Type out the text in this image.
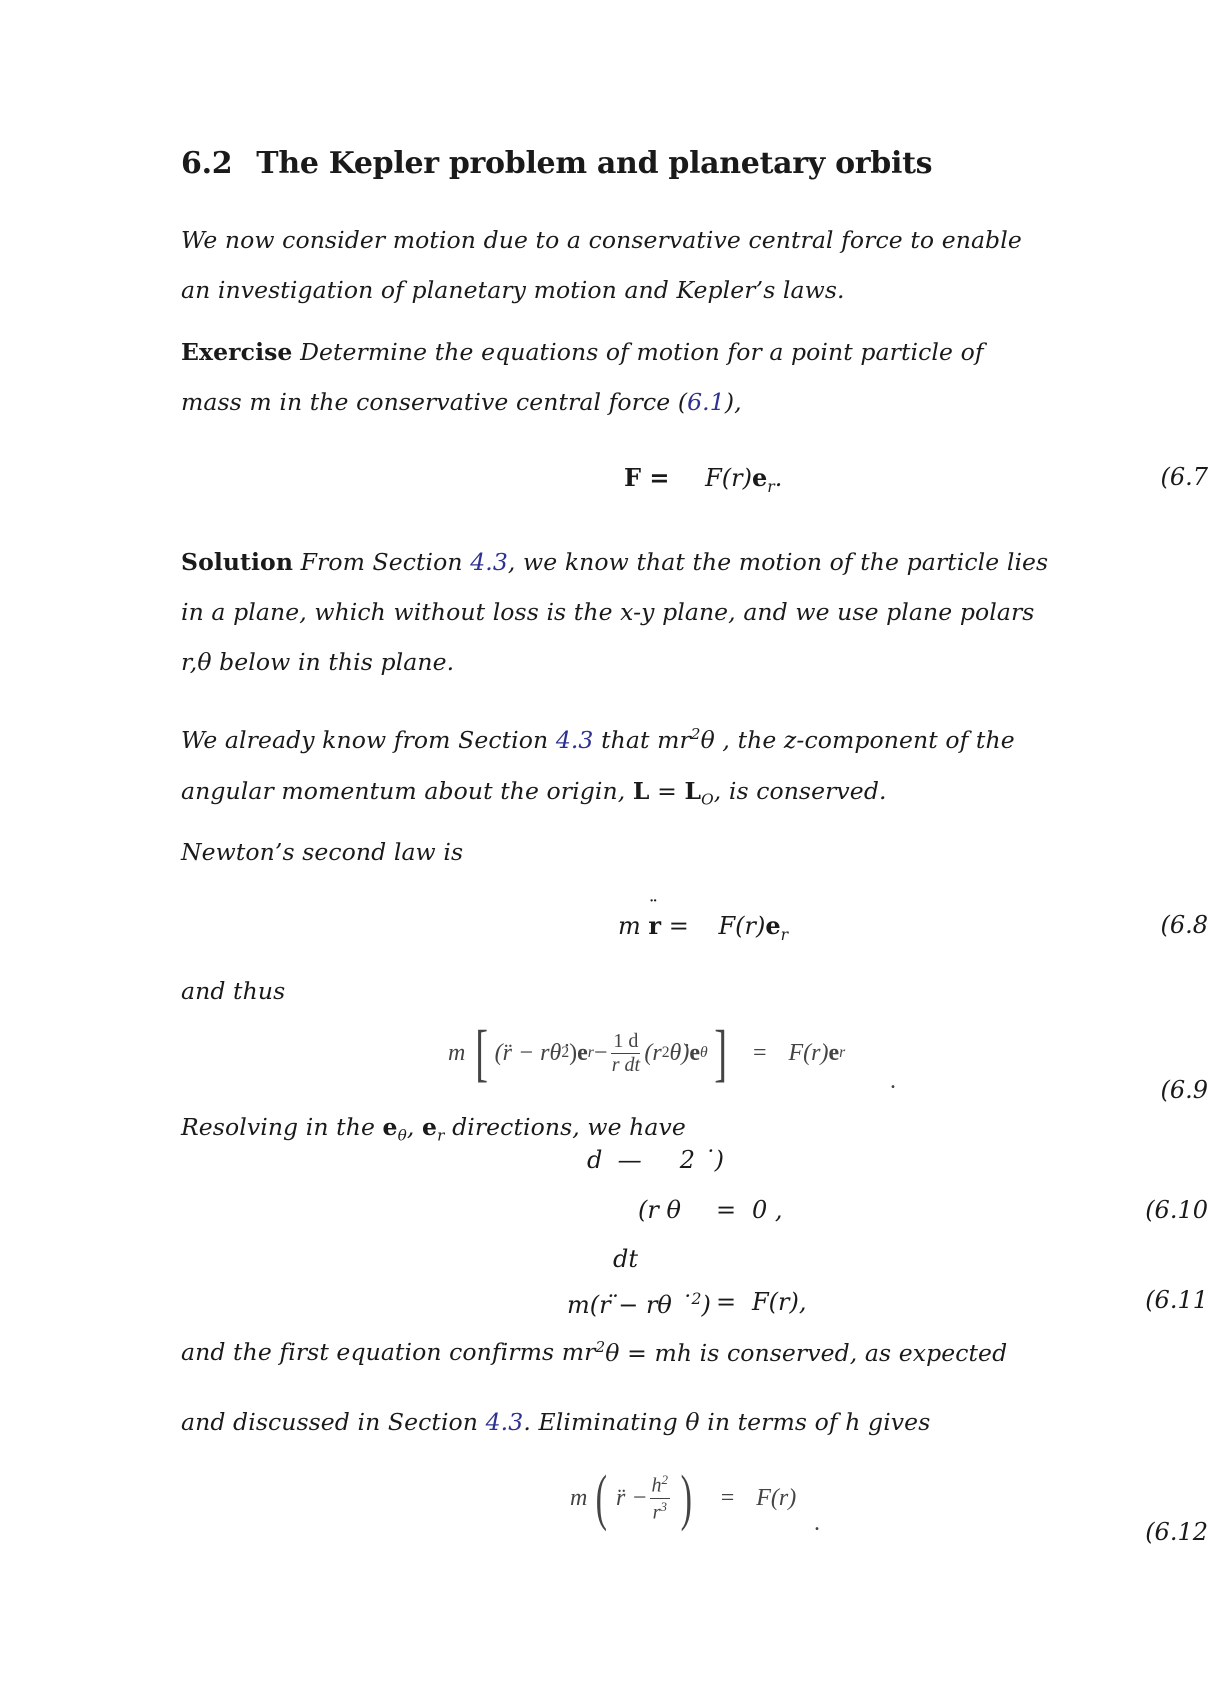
6.2 The Kepler problem and planetary orbits
We now consider motion due to a conservative central force to enable
an investigation of planetary motion and Kepler’s laws.
Exercise Determine the equations of motion for a point particle of
mass m in the conservative central force (6.1),
$F = F(r)e_r$.	(6.7
Solution From Section 4.3, we know that the motion of the particle lies
in a plane, which without loss is the x-y plane, and we use plane polars
r,θ below in this plane.
We already know from Section 4.3 that $mr^2\theta$ , the z-component of the
angular momentum about the origin, $L = L_O$, is conserved.
Newton’s second law is
m
¨
$r = F(r)e_r$	(6.8
and thus
m [ (r̈ − rθ̇ 2 ) e $r - \frac{1 d}{\text{r dt}} (r$ 2 θ̇) e θ ] = F(r) e r
.	(6.9
Resolving in the $e_\theta$, $e_r$ directions, we have
d  —     2 ˙)
(r θ = 0 ,	(6.10
dt
m(r ̈− rθ ˙$^2$) = F(r),	(6.11
and the first equation confirms mr $^2$θ = mh is conserved, as expected
and discussed in Section 4.3. Eliminating θ in terms of h gives
m ( r̈ − $\frac{h^2}{r^3}$ ) = F(r)
.	(6.12
